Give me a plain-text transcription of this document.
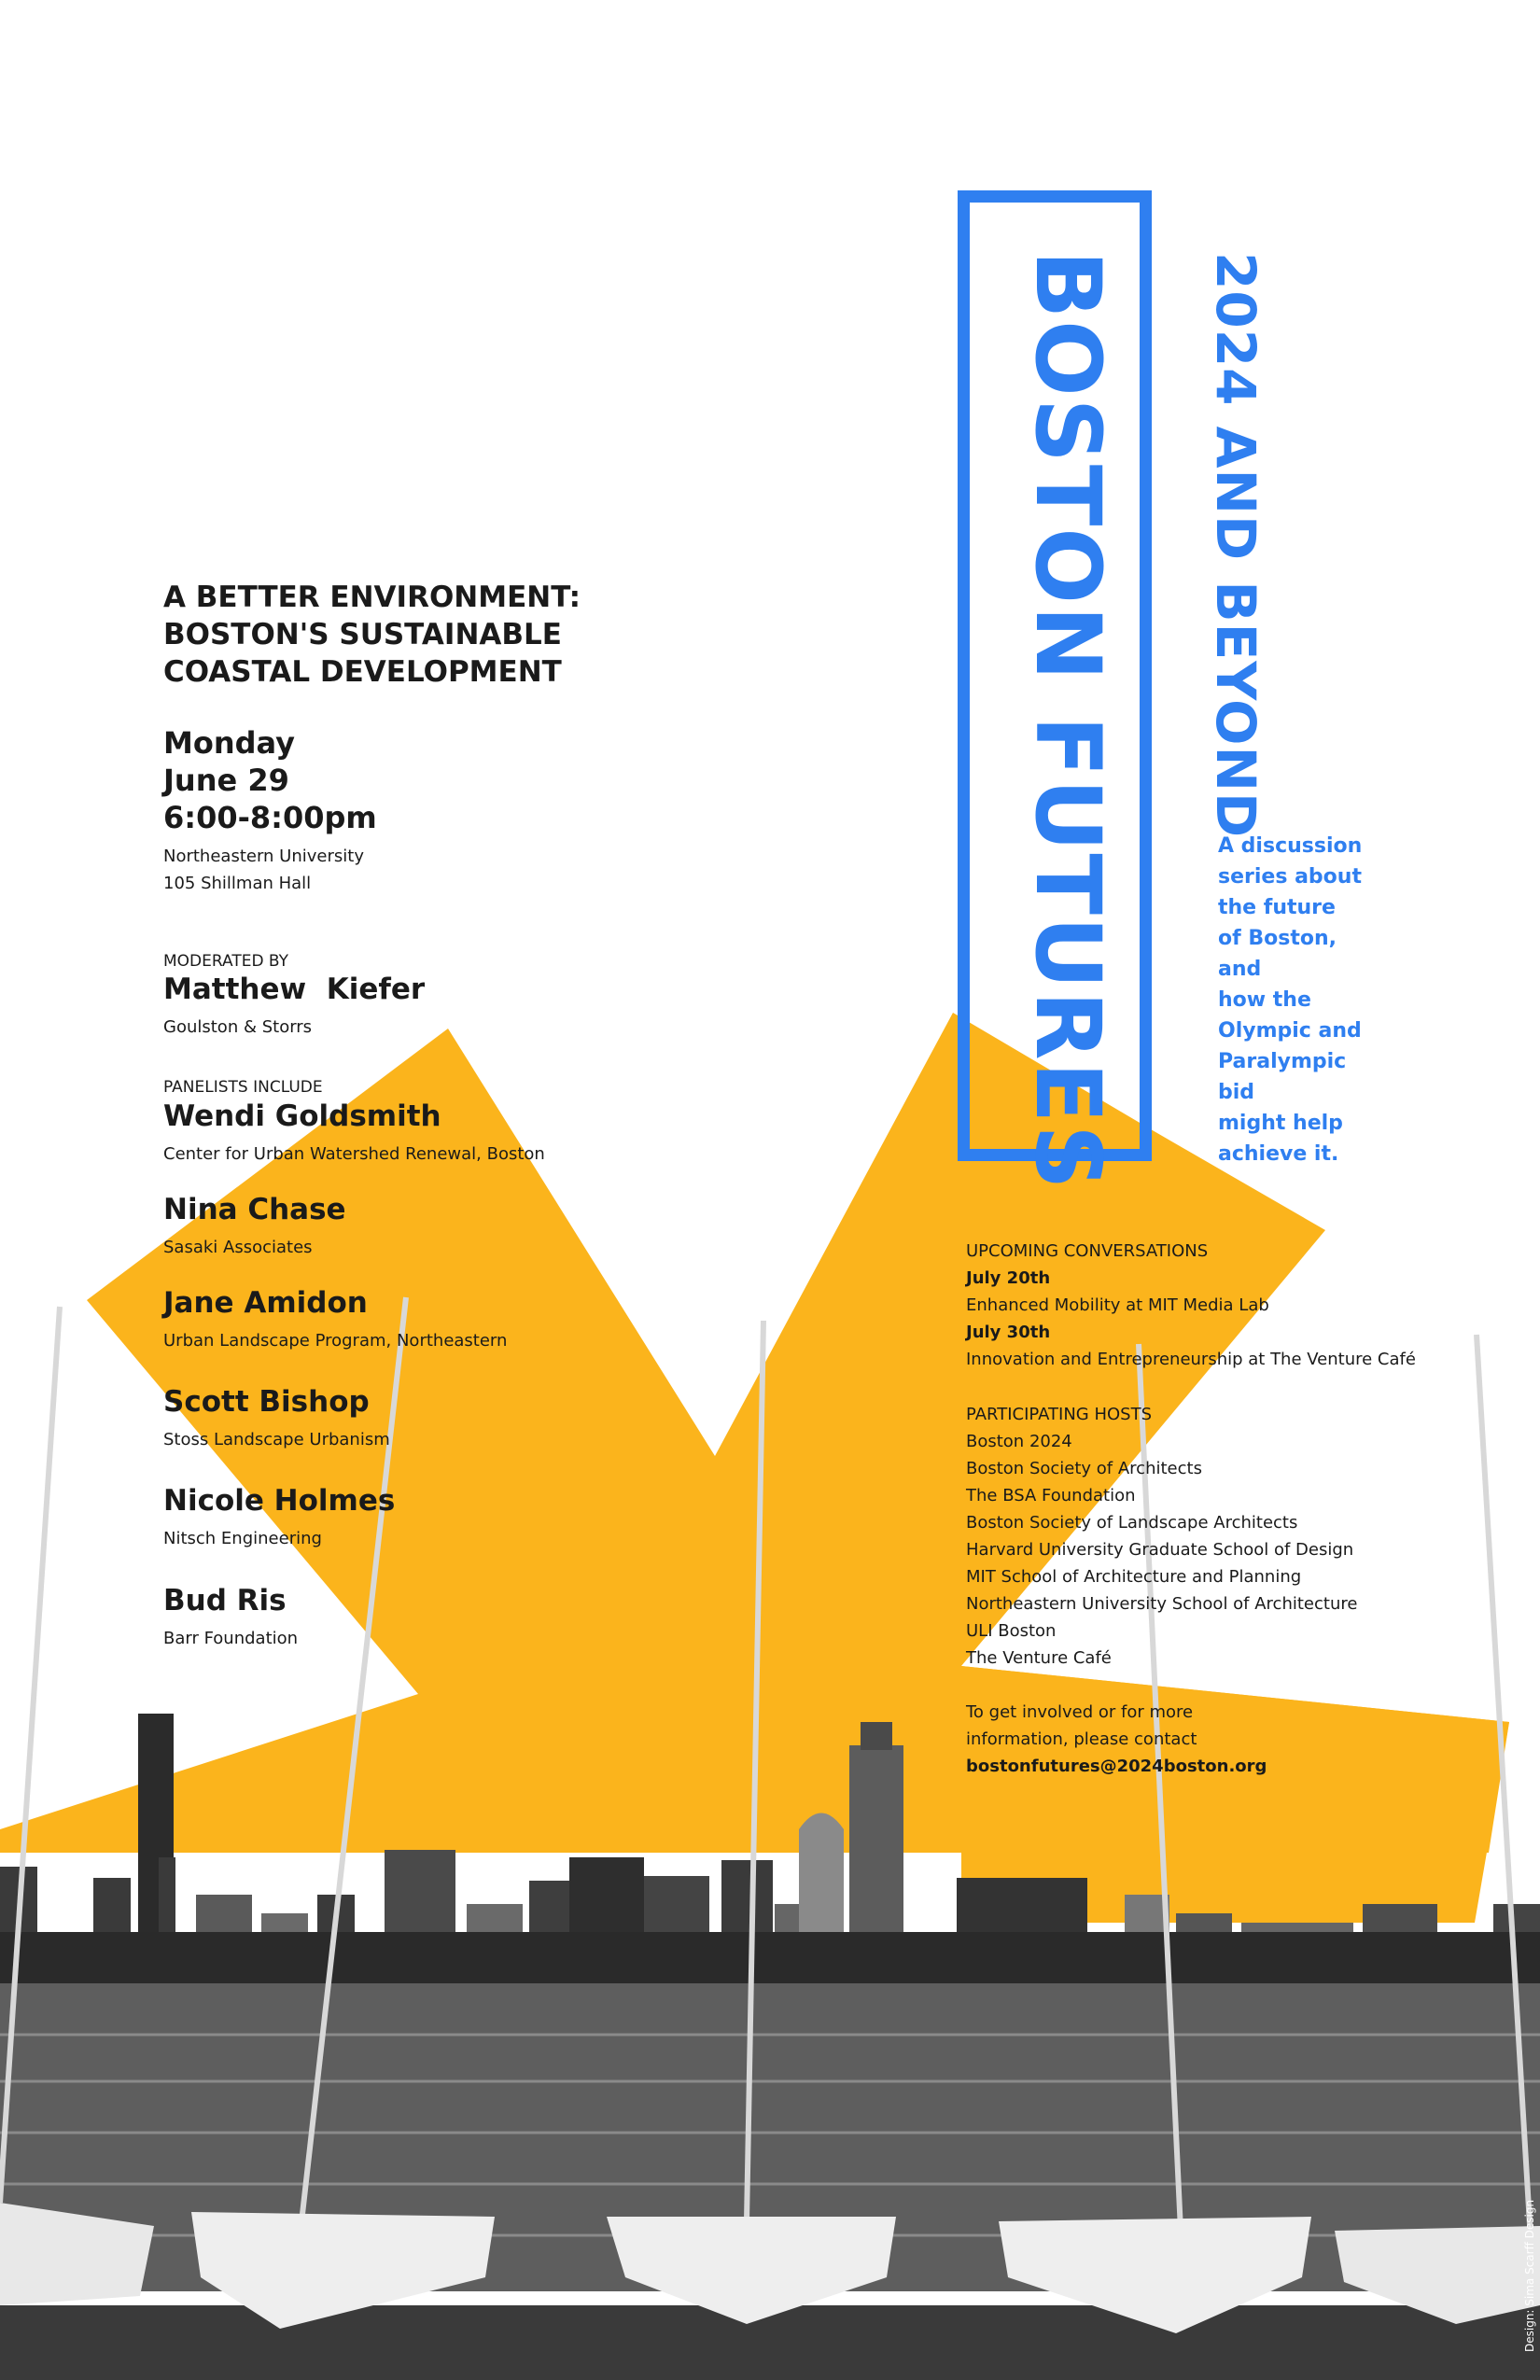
BOSTON FUTURES 2024 AND BEYOND
A discussion
series about
the future
of Boston,
and
how the
Olympic and
Paralympic
bid
might help
achieve it.
A BETTER ENVIRONMENT:
BOSTON'S SUSTAINABLE
COASTAL DEVELOPMENT
Monday
June 29
6:00-8:00pm
Northeastern University
105 Shillman Hall
MODERATED BY
Matthew  Kiefer
Goulston & Storrs
PANELISTS INCLUDE
Wendi Goldsmith
Center for Urban Watershed Renewal, Boston
Nina Chase
Sasaki Associates
Jane Amidon
Urban Landscape Program, Northeastern
Scott Bishop
Stoss Landscape Urbanism
Nicole Holmes
Nitsch Engineering
Bud Ris
Barr Foundation
UPCOMING CONVERSATIONS
July 20th
Enhanced Mobility at MIT Media Lab
July 30th
Innovation and Entrepreneurship at The Venture Café
PARTICIPATING HOSTS
Boston 2024
Boston Society of Architects
The BSA Foundation
Boston Society of Landscape Architects
Harvard University Graduate School of Design
MIT School of Architecture and Planning
Northeastern University School of Architecture
ULI Boston
The Venture Café
To get involved or for more
information, please contact
bostonfutures@2024boston.org
Design: Sima Scarff Design
